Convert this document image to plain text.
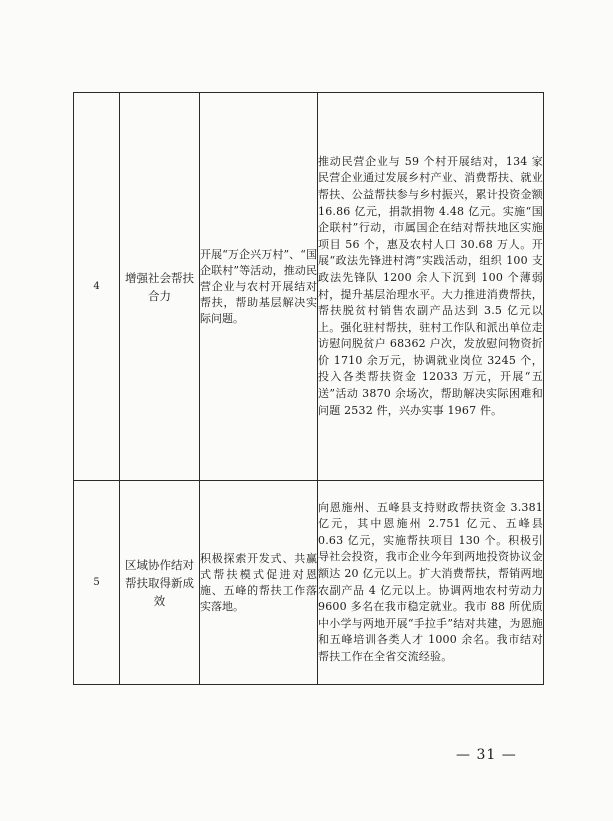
4	增强社会帮扶合力	开展“万企兴万村”、“国企联村”等活动，推动民营企业与农村开展结对帮扶，帮助基层解决实际问题。	推动民营企业与 59 个村开展结对，134 家民营企业通过发展乡村产业、消费帮扶、就业帮扶、公益帮扶参与乡村振兴，累计投资金额 16.86 亿元，捐款捐物 4.48 亿元。实施“国企联村”行动，市属国企在结对帮扶地区实施项目 56 个，惠及农村人口 30.68 万人。开展“政法先锋进村湾”实践活动，组织 100 支政法先锋队 1200 余人下沉到 100 个薄弱村，提升基层治理水平。大力推进消费帮扶，帮扶脱贫村销售农副产品达到 3.5 亿元以上。强化驻村帮扶，驻村工作队和派出单位走访慰问脱贫户 68362 户次，发放慰问物资折价 1710 余万元，协调就业岗位 3245 个，投入各类帮扶资金 12033 万元，开展“五送”活动 3870 余场次，帮助解决实际困难和问题 2532 件，兴办实事 1967 件。

5	区域协作结对帮扶取得新成效	积极探索开发式、共赢式帮扶模式促进对恩施、五峰的帮扶工作落实落地。	向恩施州、五峰县支持财政帮扶资金 3.381 亿元，其中恩施州 2.751 亿元、五峰县 0.63 亿元，实施帮扶项目 130 个。积极引导社会投资，我市企业今年到两地投资协议金额达 20 亿元以上。扩大消费帮扶，帮销两地农副产品 4 亿元以上。协调两地农村劳动力 9600 多名在我市稳定就业。我市 88 所优质中小学与两地开展“手拉手”结对共建，为恩施和五峰培训各类人才 1000 余名。我市结对帮扶工作在全省交流经验。
— 31 —
